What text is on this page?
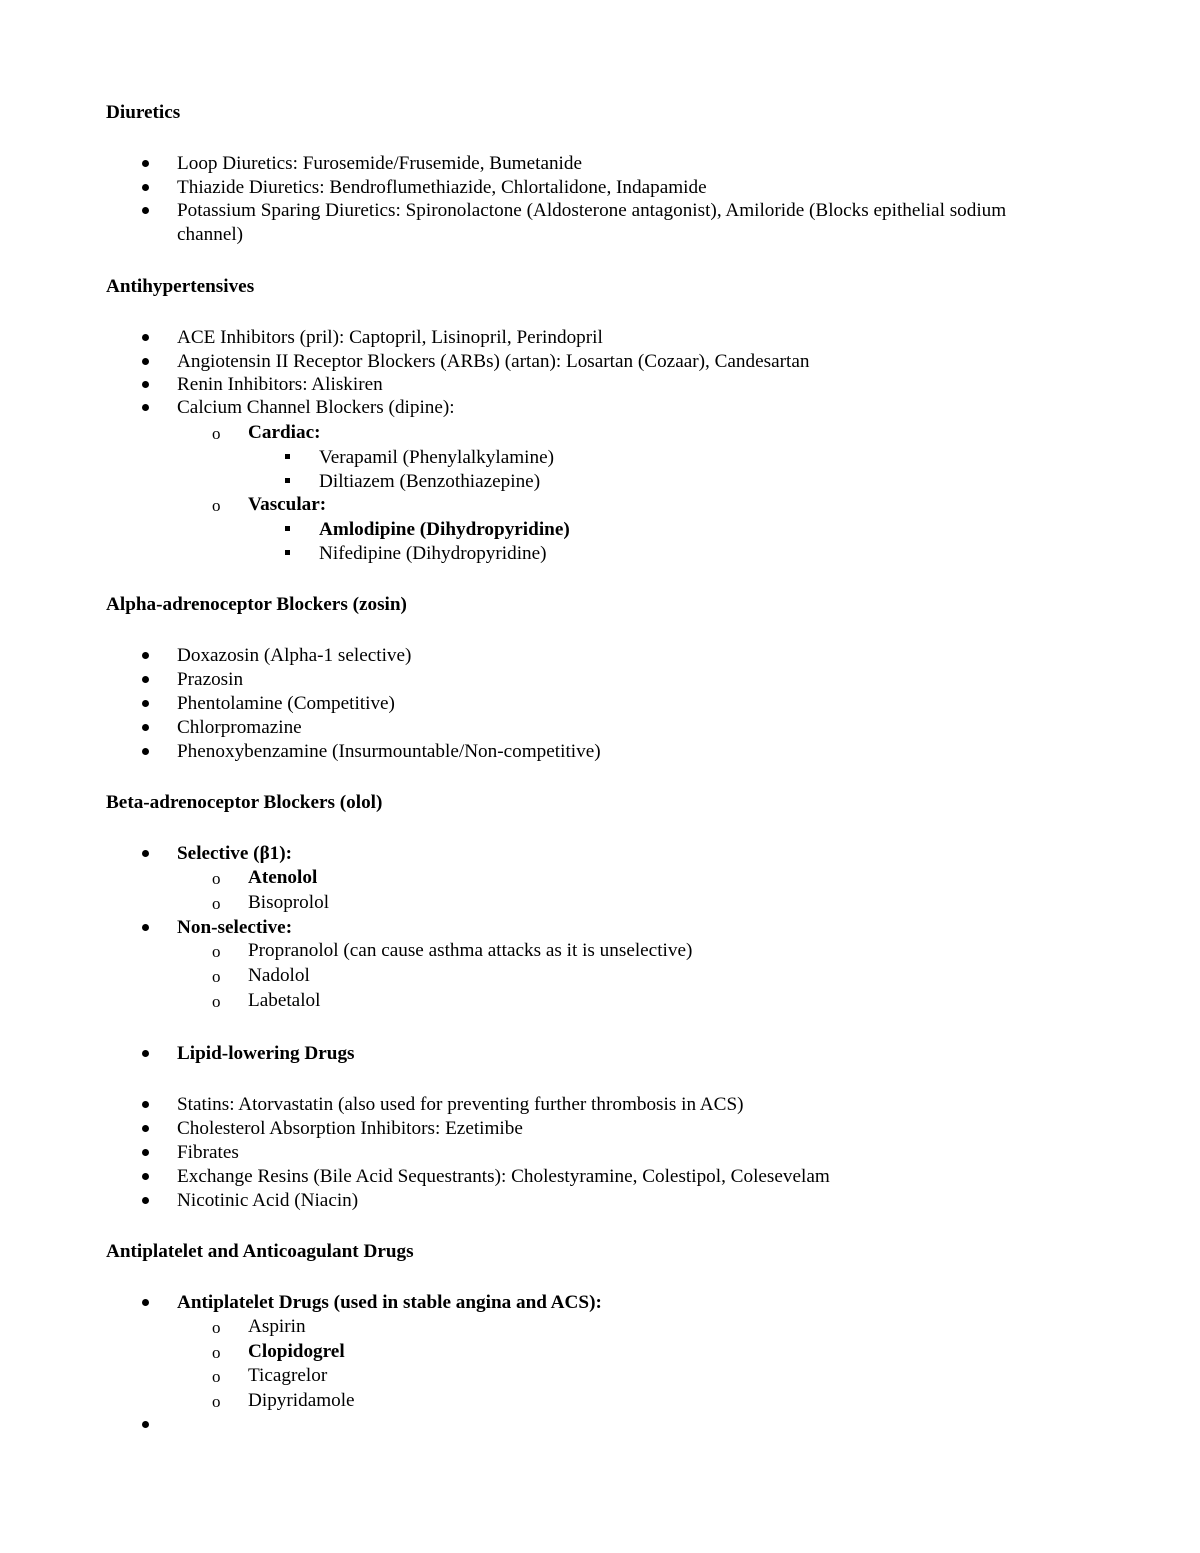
Diuretics
Loop Diuretics: Furosemide/Frusemide, Bumetanide
Thiazide Diuretics: Bendroflumethiazide, Chlortalidone, Indapamide
Potassium Sparing Diuretics: Spironolactone (Aldosterone antagonist), Amiloride (Blocks epithelial sodium
channel)
Antihypertensives
ACE Inhibitors (pril): Captopril, Lisinopril, Perindopril
Angiotensin II Receptor Blockers (ARBs) (artan): Losartan (Cozaar), Candesartan
Renin Inhibitors: Aliskiren
Calcium Channel Blockers (dipine):
o Cardiac:
Verapamil (Phenylalkylamine)
Diltiazem (Benzothiazepine)
o Vascular:
Amlodipine (Dihydropyridine)
Nifedipine (Dihydropyridine)
Alpha-adrenoceptor Blockers (zosin)
Doxazosin (Alpha-1 selective)
Prazosin
Phentolamine (Competitive)
Chlorpromazine
Phenoxybenzamine (Insurmountable/Non-competitive)
Beta-adrenoceptor Blockers (olol)
Selective (β1):
o Atenolol
o Bisoprolol
Non-selective:
o Propranolol (can cause asthma attacks as it is unselective)
o Nadolol
o Labetalol
Lipid-lowering Drugs
Statins: Atorvastatin (also used for preventing further thrombosis in ACS)
Cholesterol Absorption Inhibitors: Ezetimibe
Fibrates
Exchange Resins (Bile Acid Sequestrants): Cholestyramine, Colestipol, Colesevelam
Nicotinic Acid (Niacin)
Antiplatelet and Anticoagulant Drugs
Antiplatelet Drugs (used in stable angina and ACS):
o Aspirin
o Clopidogrel
o Ticagrelor
o Dipyridamole
